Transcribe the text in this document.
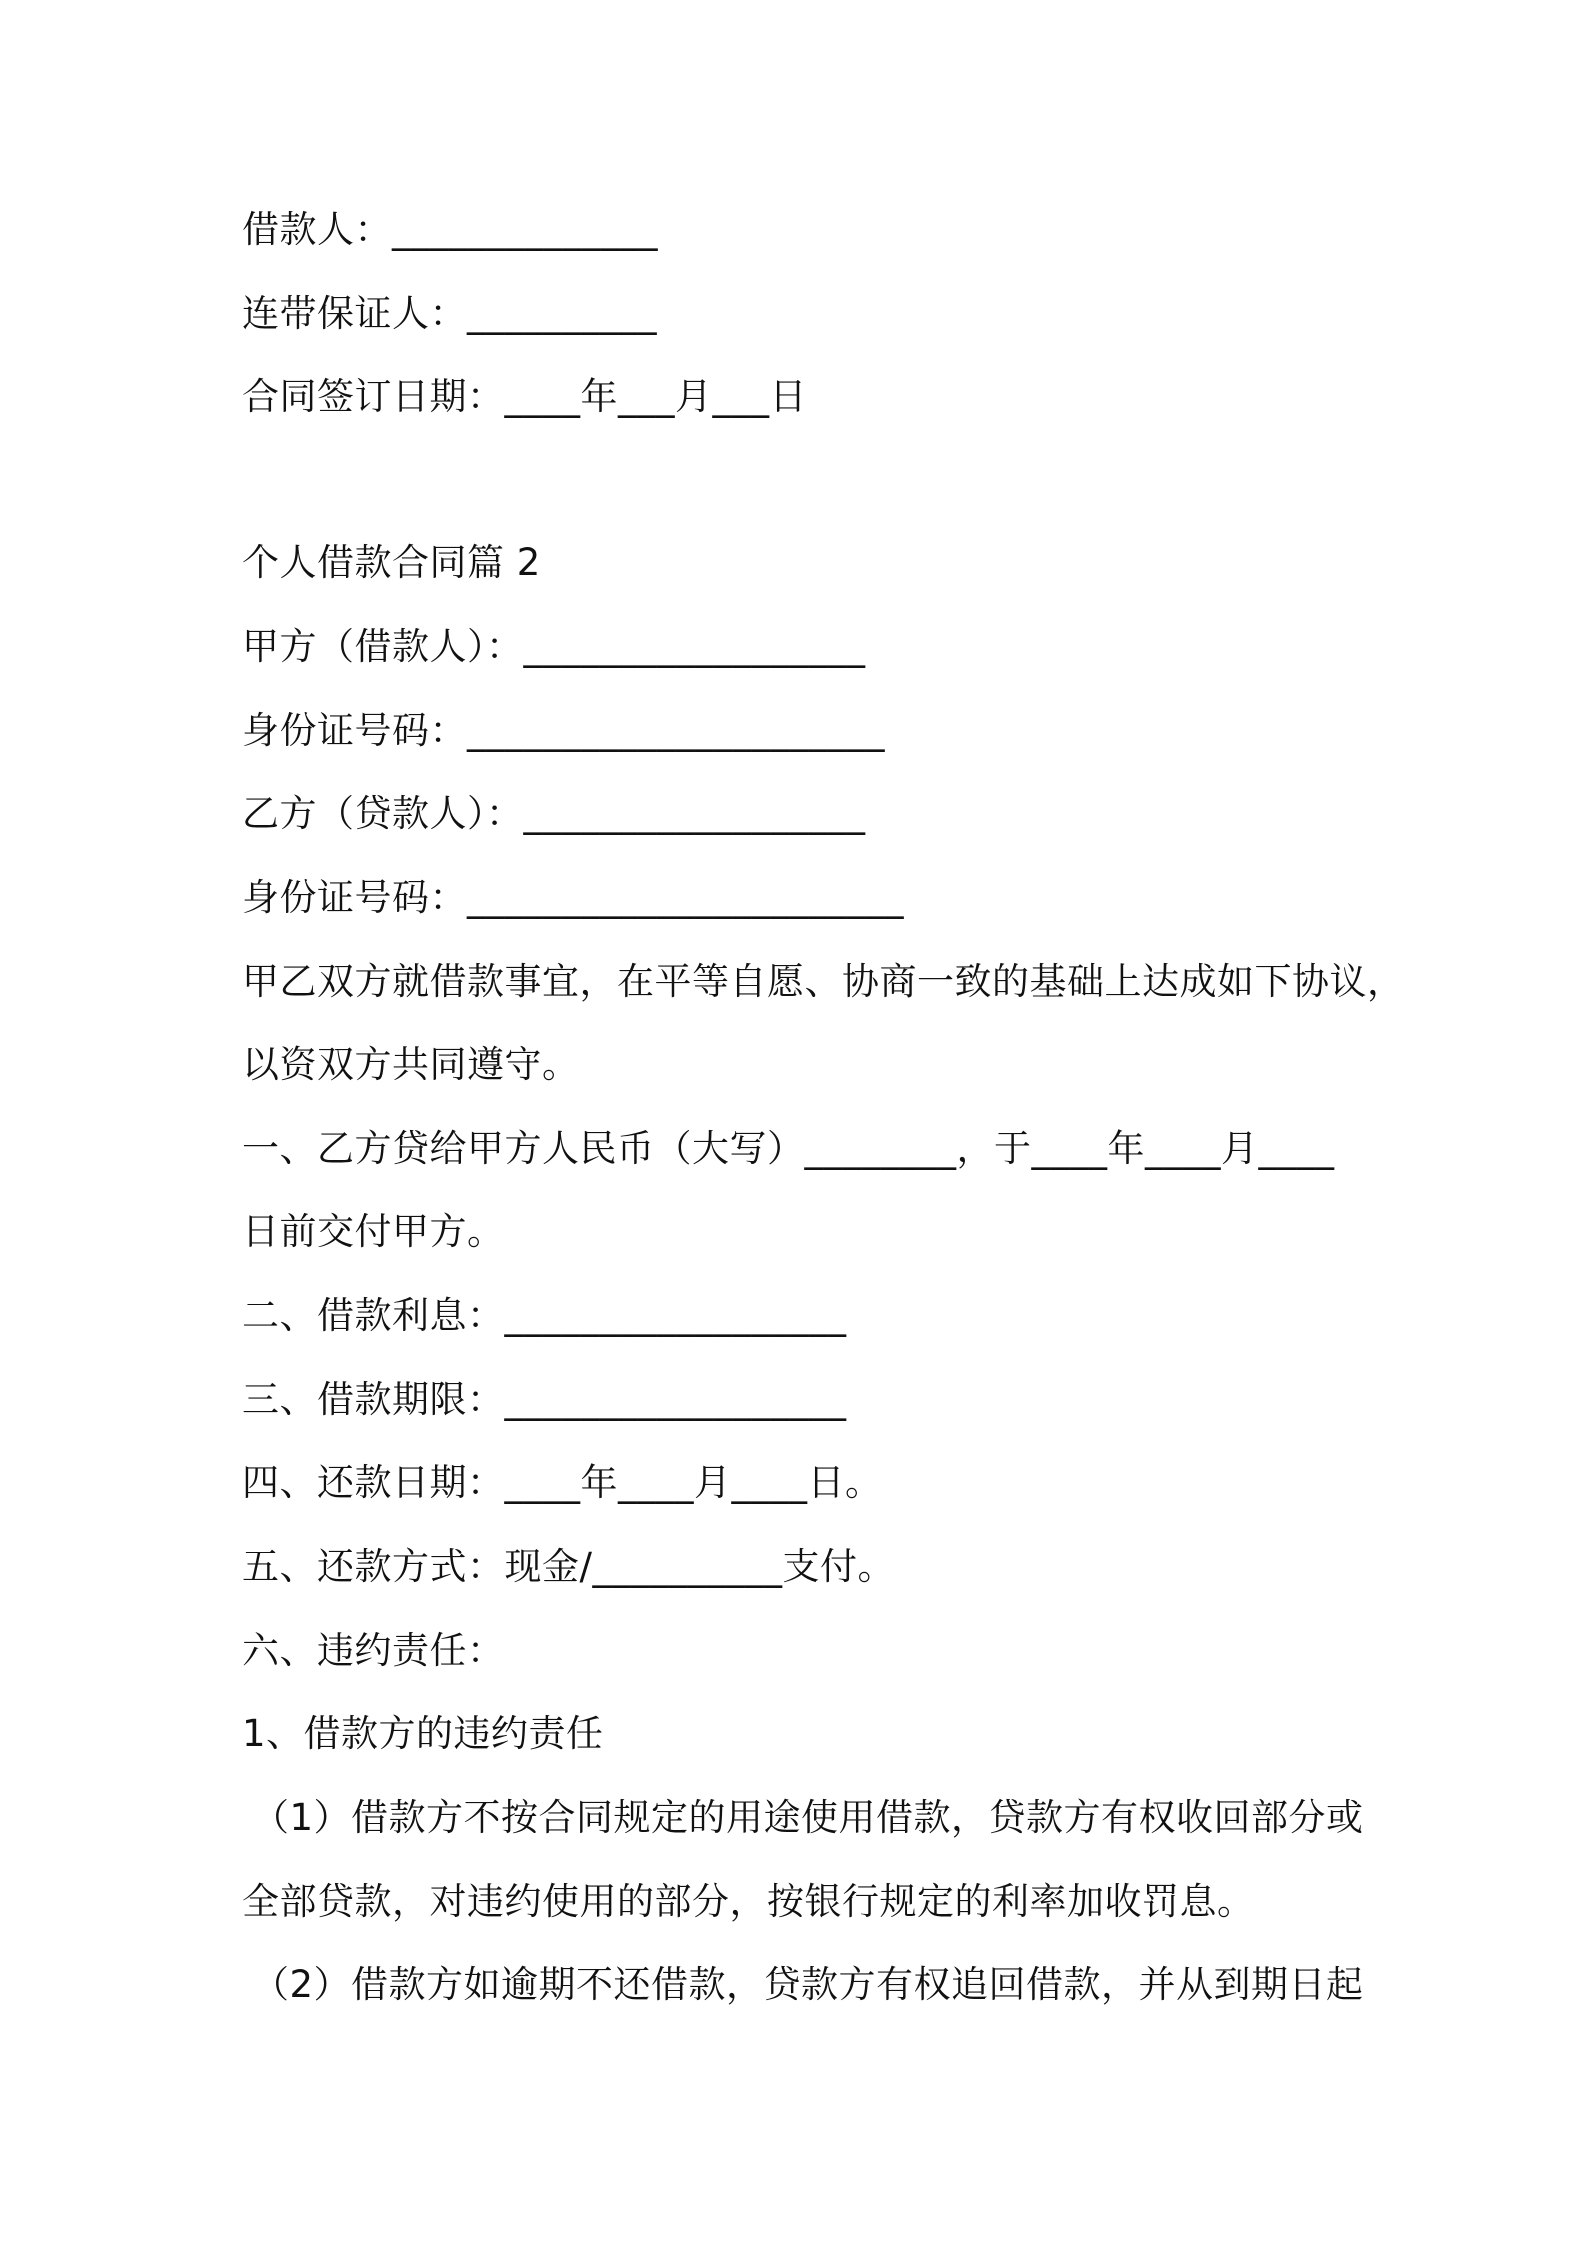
借款人：______________
连带保证人：__________
合同签订日期：____年___月___日
个人借款合同篇 2
甲方（借款人）：__________________
身份证号码：______________________
乙方（贷款人）：__________________
身份证号码：_______________________
甲乙双方就借款事宜，在平等自愿、协商一致的基础上达成如下协议，
以资双方共同遵守。
一、乙方贷给甲方人民币（大写）________，于____年____月____
日前交付甲方。
二、借款利息：__________________
三、借款期限：__________________
四、还款日期：____年____月____日。
五、还款方式：现金/__________支付。
六、违约责任：
1、借款方的违约责任
（1）借款方不按合同规定的用途使用借款，贷款方有权收回部分或
全部贷款，对违约使用的部分，按银行规定的利率加收罚息。
（2）借款方如逾期不还借款，贷款方有权追回借款，并从到期日起
